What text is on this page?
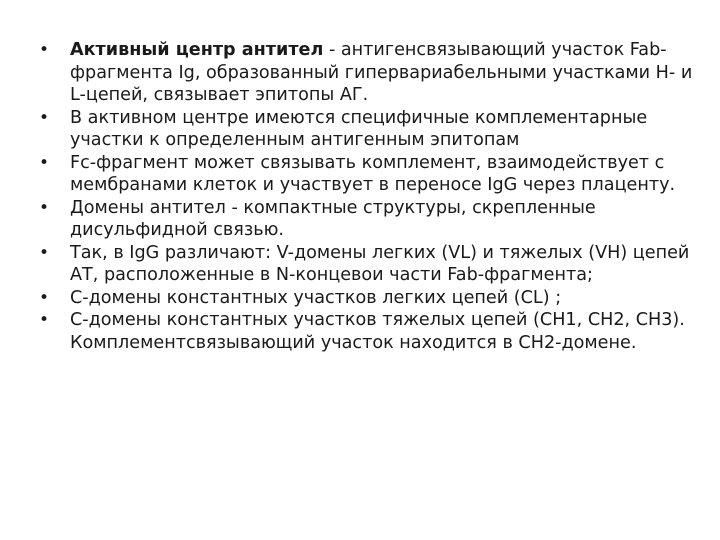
• Активный центр антител - антигенсвязывающий участок Fab-фрагмента Ig, образованный гипервариабельными участками H- и L-цепей, связывает эпитопы АГ.
• В активном центре имеются специфичные комплементарные участки к определенным антигенным эпитопам
• Fc-фрагмент может связывать комплемент, взаимодействует с мембранами клеток и участвует в переносе IgG через плаценту.
• Домены антител - компактные структуры, скрепленные дисульфидной связью.
• Так, в IgG различают: V-домены легких (VL) и тяжелых (VH) цепей АТ, расположенные в N-концевои части Fab-фрагмента;
• C-домены константных участков легких цепей (CL) ;
• C-домены константных участков тяжелых цепей (CH1, CH2, CH3). Комплементсвязывающий участок находится в CH2-домене.
